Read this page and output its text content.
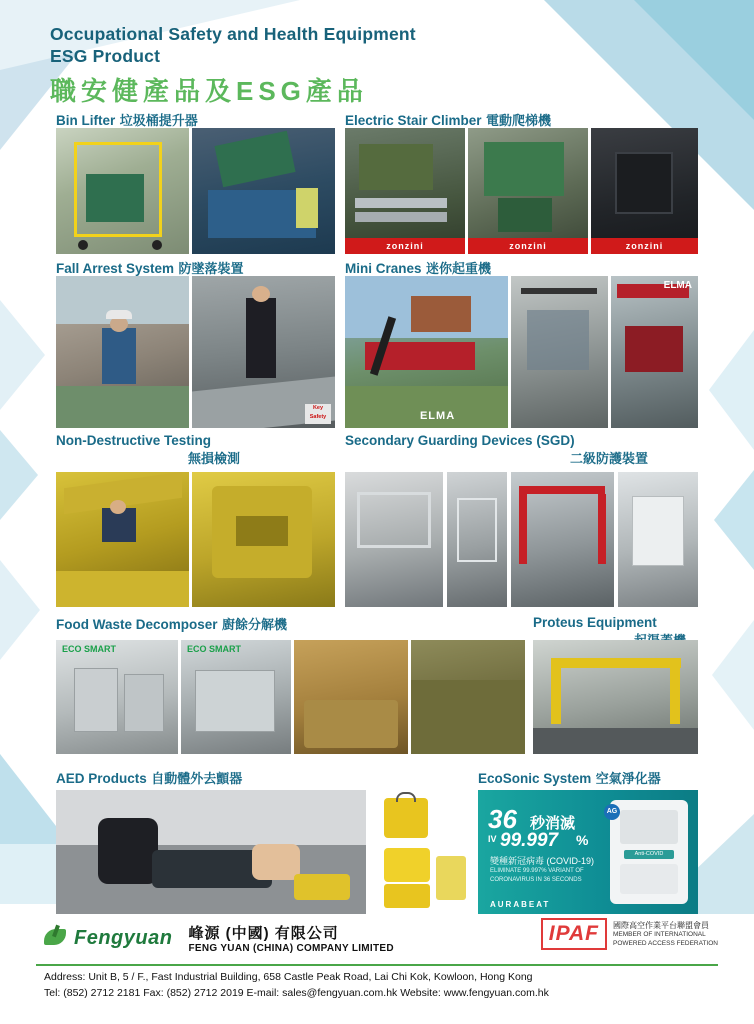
Occupational Safety and Health Equipment
ESG Product
職安健產品及ESG產品
Bin Lifter 垃圾桶提升器	Electric Stair Climber 電動爬梯機
zonzini	zonzini	zonzini
Fall Arrest System 防墜落裝置	Mini Cranes 迷你起重機
Key Safety	ELMA
ELMA
Non-Destructive Testing
無損檢測
Secondary Guarding Devices (SGD)
二級防護裝置
Food Waste Decomposer 廚餘分解機	Proteus Equipment
ECO SMART	ECO SMART
AED Products 自動體外去顫器	EcoSonic System 空氣淨化器
36 秒消滅
IV 99.997 %
變種新冠病毒 (COVID-19)
ELIMINATE 99.997% VARIANT OF
CORONAVIRUS IN 36 SECONDS
AURABEAT
Anti-COVID
AG
Fengyuan 峰源 (中國) 有限公司
FENG YUAN (CHINA) COMPANY LIMITED
IPAF	國際高空作業平台聯盟會員
MEMBER OF INTERNATIONAL
POWERED ACCESS FEDERATION
Address: Unit B, 5 / F., Fast Industrial Building, 658 Castle Peak Road, Lai Chi Kok, Kowloon, Hong Kong
Tel: (852) 2712 2181 Fax: (852) 2712 2019 E-mail: sales@fengyuan.com.hk Website: www.fengyuan.com.hk
